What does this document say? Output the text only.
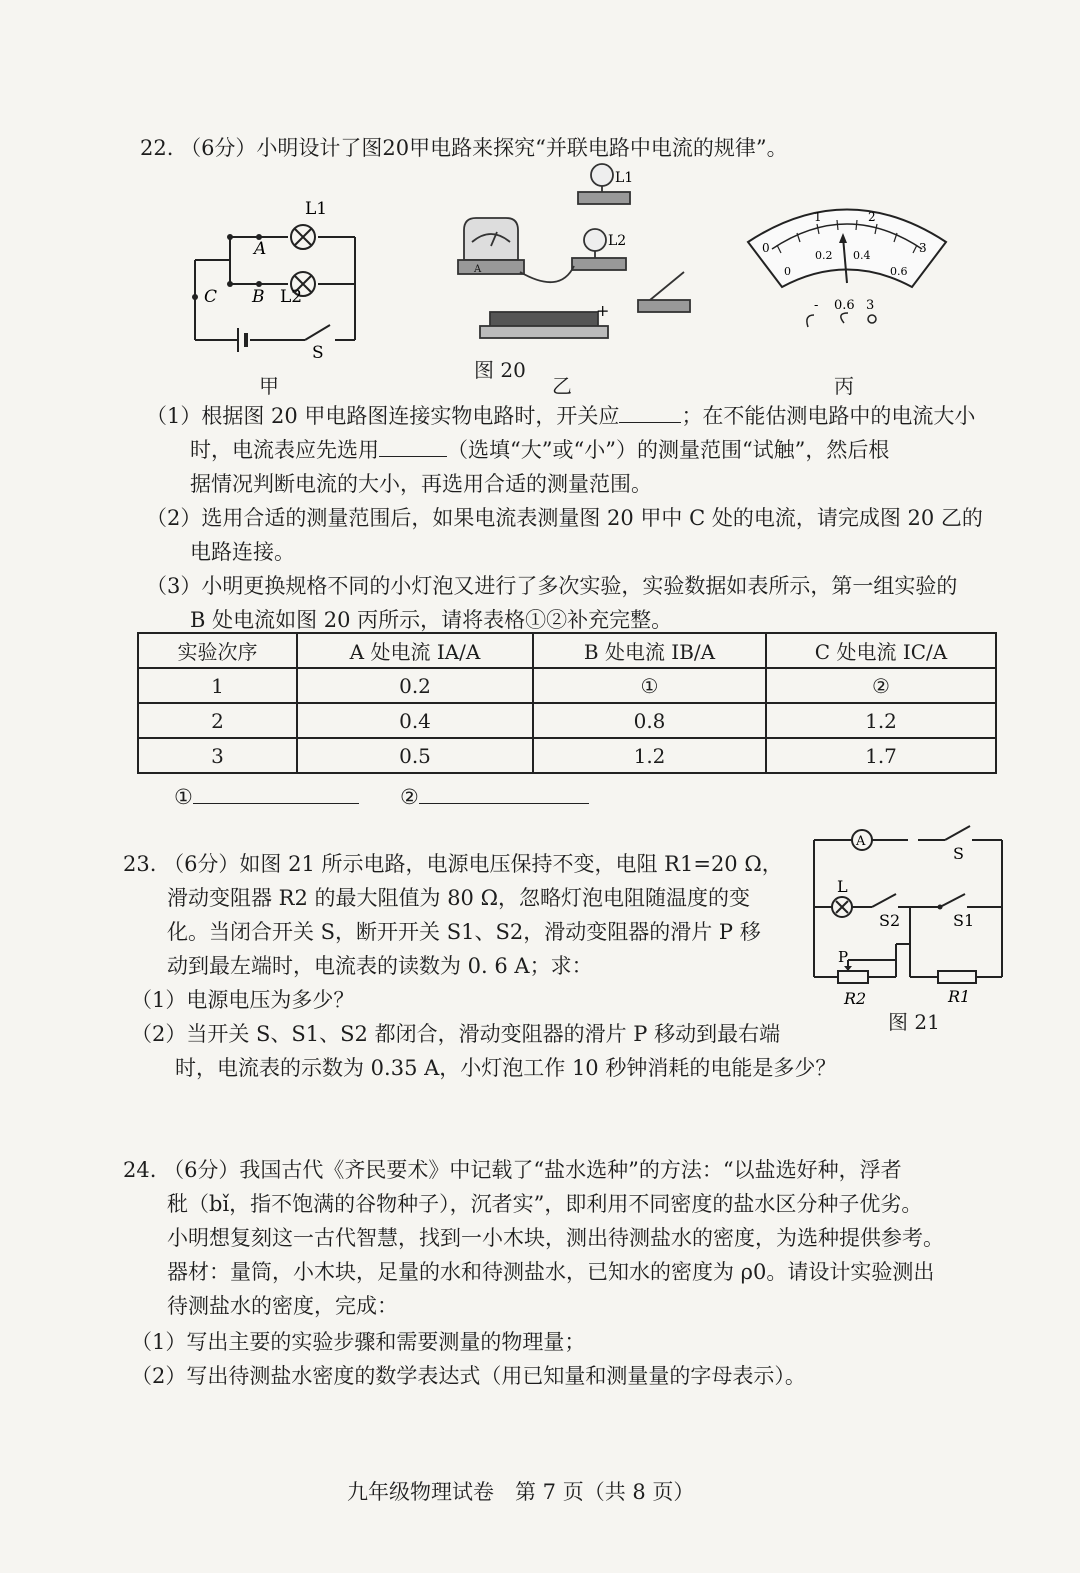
22. （6分）小明设计了图20甲电路来探究“并联电路中电流的规律”。
L1
A
B L2
C
S
A
L1
L2
+
0
1	2
3
0
0.2 0.4
0.6
- 0.6 3
图 20
甲	乙	丙
（1）根据图 20 甲电路图连接实物电路时，开关应	；在不能估测电路中的电流大小
时，电流表应先选用	（选填“大”或“小”）的测量范围“试触”，然后根
据情况判断电流的大小，再选用合适的测量范围。
（2）选用合适的测量范围后，如果电流表测量图 20 甲中 C 处的电流，请完成图 20 乙的
电路连接。
（3）小明更换规格不同的小灯泡又进行了多次实验，实验数据如表所示，第一组实验的
B 处电流如图 20 丙所示，请将表格①②补充完整。
实验次序	A 处电流 IA/A	B 处电流 IB/A	C 处电流 IC/A
1	0.2	①	②
2	0.4	0.8	1.2
3	0.5	1.2	1.7
①	②
23. （6分）如图 21 所示电路，电源电压保持不变，电阻 R1=20 Ω，
滑动变阻器 R2 的最大阻值为 80 Ω，忽略灯泡电阻随温度的变
化。当闭合开关 S，断开开关 S1、S2，滑动变阻器的滑片 P 移
动到最左端时，电流表的读数为 0. 6 A；求：
（1）电源电压为多少？
（2）当开关 S、S1、S2 都闭合，滑动变阻器的滑片 P 移动到最右端
时，电流表的示数为 0.35 A，小灯泡工作 10 秒钟消耗的电能是多少？
A
S
L
S2	S1
P
R2	R1
图 21
24. （6分）我国古代《齐民要术》中记载了“盐水选种”的方法：“以盐选好种，浮者
秕（bǐ，指不饱满的谷物种子），沉者实”，即利用不同密度的盐水区分种子优劣。
小明想复刻这一古代智慧，找到一小木块，测出待测盐水的密度，为选种提供参考。
器材：量筒，小木块，足量的水和待测盐水，已知水的密度为 ρ0。请设计实验测出
待测盐水的密度，完成：
（1）写出主要的实验步骤和需要测量的物理量；
（2）写出待测盐水密度的数学表达式（用已知量和测量量的字母表示）。
九年级物理试卷　第 7 页（共 8 页）
